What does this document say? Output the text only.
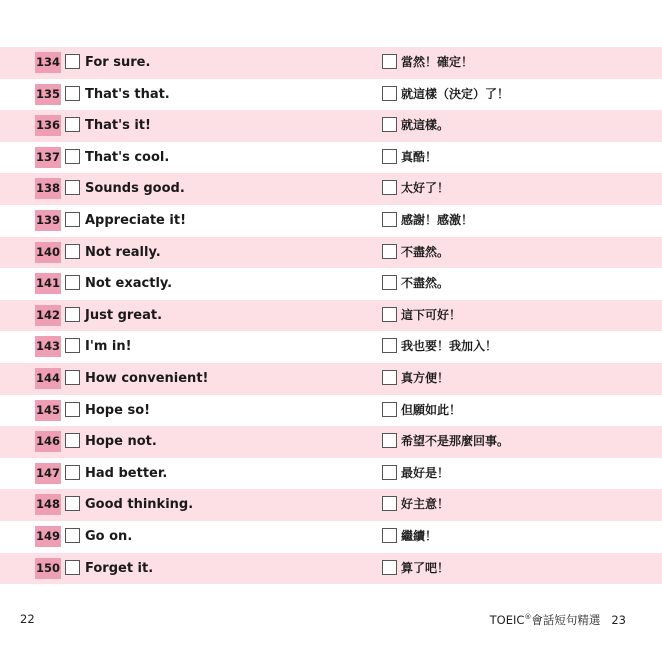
134 For sure.	當然！確定！
135 That's that.	就這樣（決定）了！
136 That's it!	就這樣。
137 That's cool.	真酷！
138 Sounds good.	太好了！
139 Appreciate it!	感謝！感激！
140 Not really.	不盡然。
141 Not exactly.	不盡然。
142 Just great.	這下可好！
143 I'm in!	我也要！我加入！
144 How convenient!	真方便！
145 Hope so!	但願如此！
146 Hope not.	希望不是那麼回事。
147 Had better.	最好是！
148 Good thinking.	好主意！
149 Go on.	繼續！
150 Forget it.	算了吧！
22	TOEIC®會話短句精選 23
